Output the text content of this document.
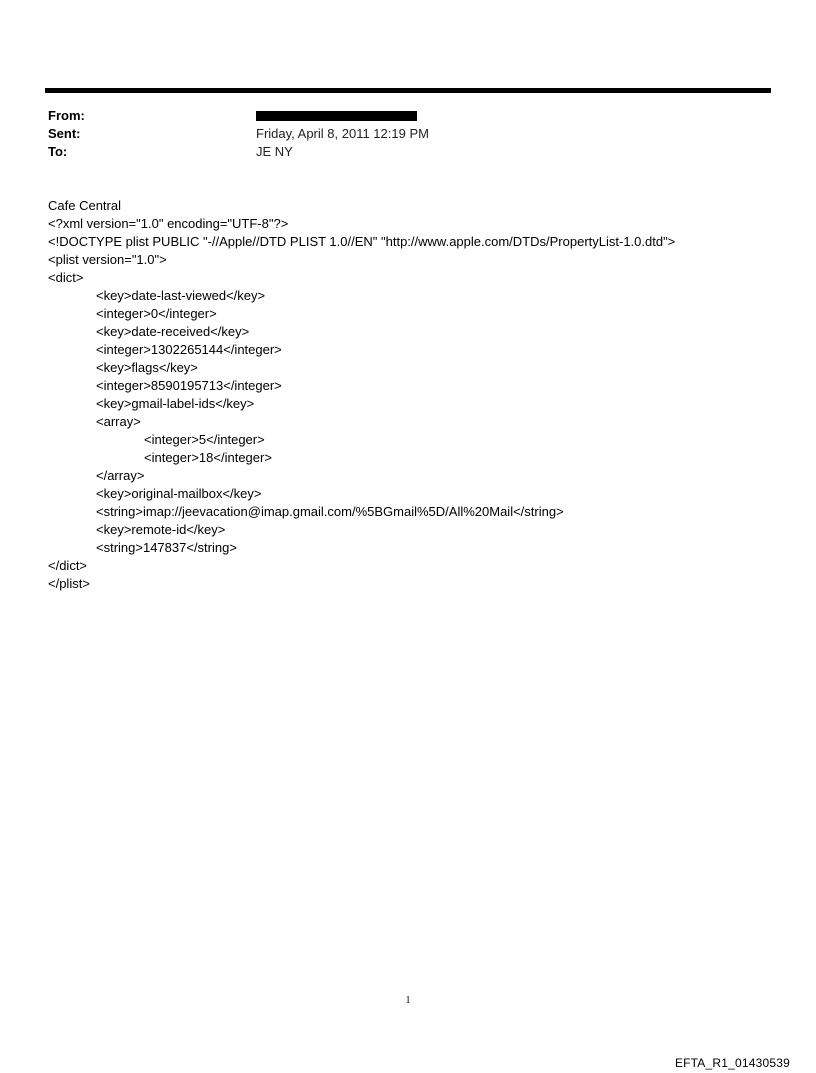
From:
Sent:	Friday, April 8, 2011 12:19 PM
To:	JE NY
Cafe Central
<?xml version="1.0" encoding="UTF-8"?>
<!DOCTYPE plist PUBLIC "-//Apple//DTD PLIST 1.0//EN" "http://www.apple.com/DTDs/PropertyList-1.0.dtd">
<plist version="1.0">
<dict>
<key>date-last-viewed</key>
<integer>0</integer>
<key>date-received</key>
<integer>1302265144</integer>
<key>flags</key>
<integer>8590195713</integer>
<key>gmail-label-ids</key>
<array>
<integer>5</integer>
<integer>18</integer>
</array>
<key>original-mailbox</key>
<string>imap://jeevacation@imap.gmail.com/%5BGmail%5D/All%20Mail</string>
<key>remote-id</key>
<string>147837</string>
</dict>
</plist>
1
EFTA_R1_01430539
